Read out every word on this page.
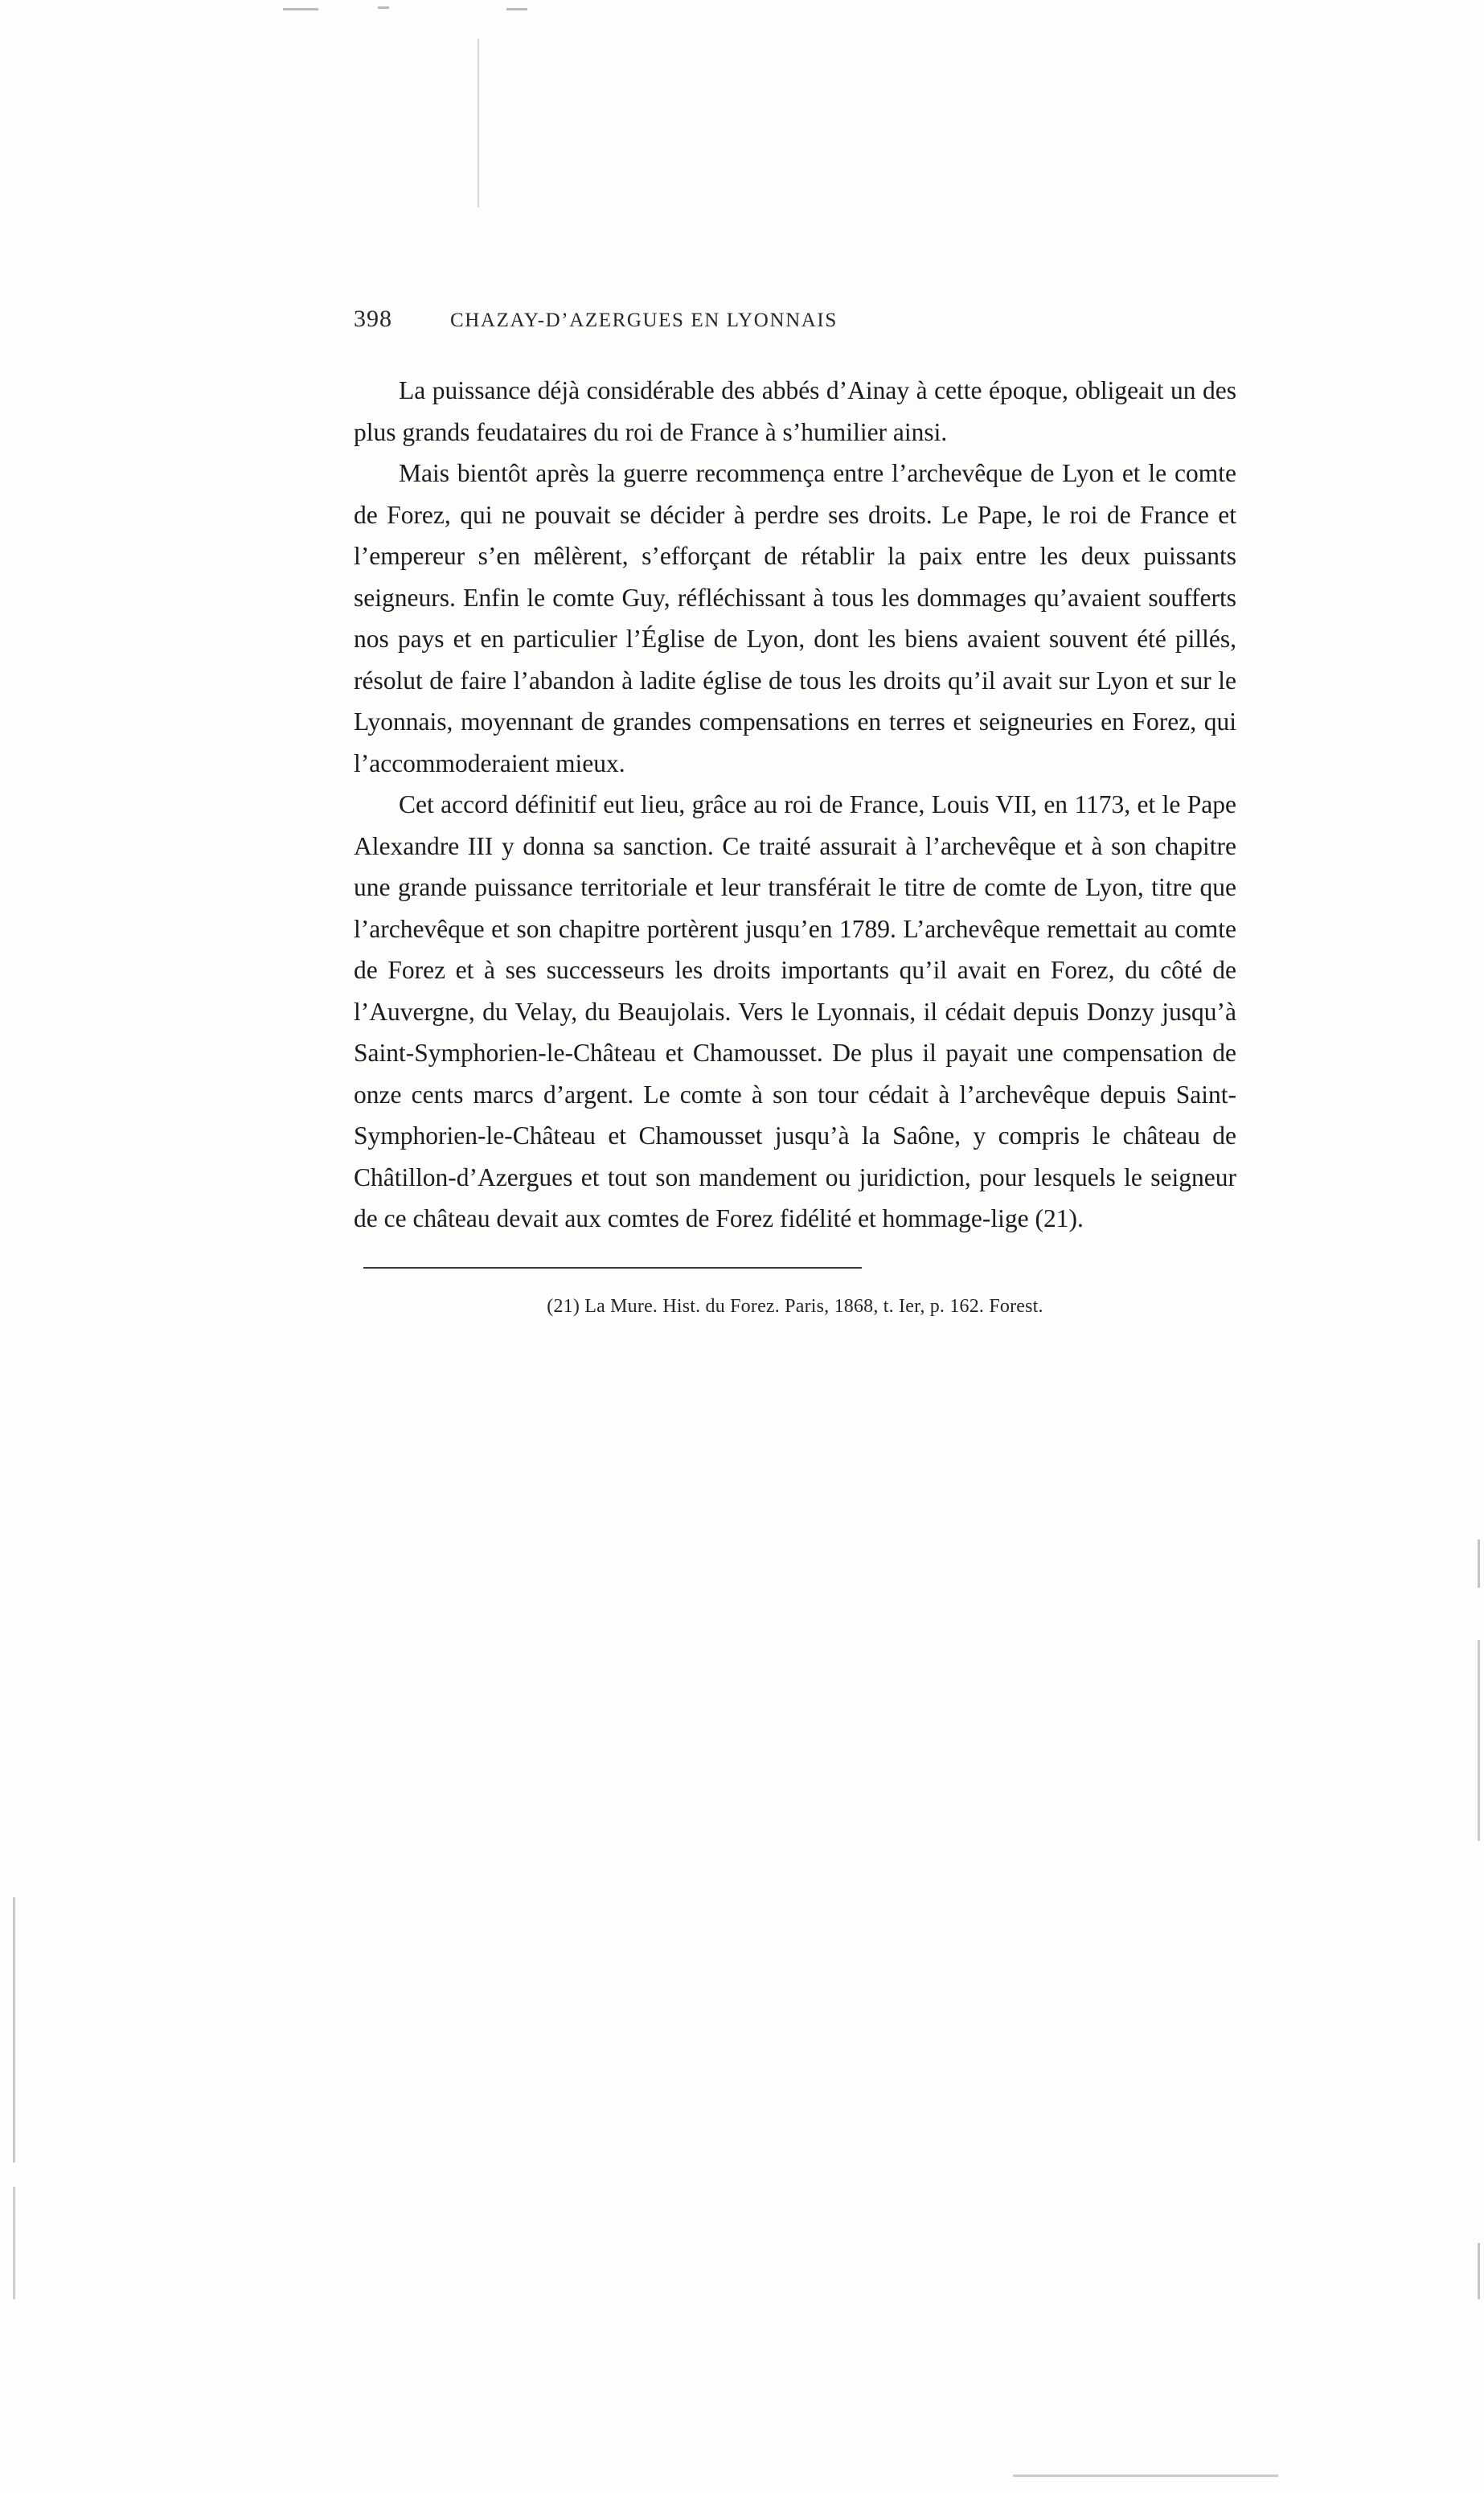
398	CHAZAY-D’AZERGUES EN LYONNAIS

La puissance déjà considérable des abbés d’Ainay à cette époque, obligeait un des plus grands feudataires du roi de France à s’humilier ainsi.

Mais bientôt après la guerre recommença entre l’archevêque de Lyon et le comte de Forez, qui ne pouvait se décider à perdre ses droits. Le Pape, le roi de France et l’empereur s’en mêlèrent, s’efforçant de rétablir la paix entre les deux puissants seigneurs. Enfin le comte Guy, réfléchissant à tous les dommages qu’avaient soufferts nos pays et en particulier l’Église de Lyon, dont les biens avaient souvent été pillés, résolut de faire l’abandon à ladite église de tous les droits qu’il avait sur Lyon et sur le Lyonnais, moyennant de grandes compensations en terres et seigneuries en Forez, qui l’accommoderaient mieux.

Cet accord définitif eut lieu, grâce au roi de France, Louis VII, en 1173, et le Pape Alexandre III y donna sa sanction. Ce traité assurait à l’archevêque et à son chapitre une grande puissance territoriale et leur transférait le titre de comte de Lyon, titre que l’archevêque et son chapitre portèrent jusqu’en 1789. L’archevêque remettait au comte de Forez et à ses successeurs les droits importants qu’il avait en Forez, du côté de l’Auvergne, du Velay, du Beaujolais. Vers le Lyonnais, il cédait depuis Donzy jusqu’à Saint-Symphorien-le-Château et Chamousset. De plus il payait une compensation de onze cents marcs d’argent. Le comte à son tour cédait à l’archevêque depuis Saint-Symphorien-le-Château et Chamousset jusqu’à la Saône, y compris le château de Châtillon-d’Azergues et tout son mandement ou juridiction, pour lesquels le seigneur de ce château devait aux comtes de Forez fidélité et hommage-lige (21).

(21) La Mure. Hist. du Forez. Paris, 1868, t. Ier, p. 162. Forest.
